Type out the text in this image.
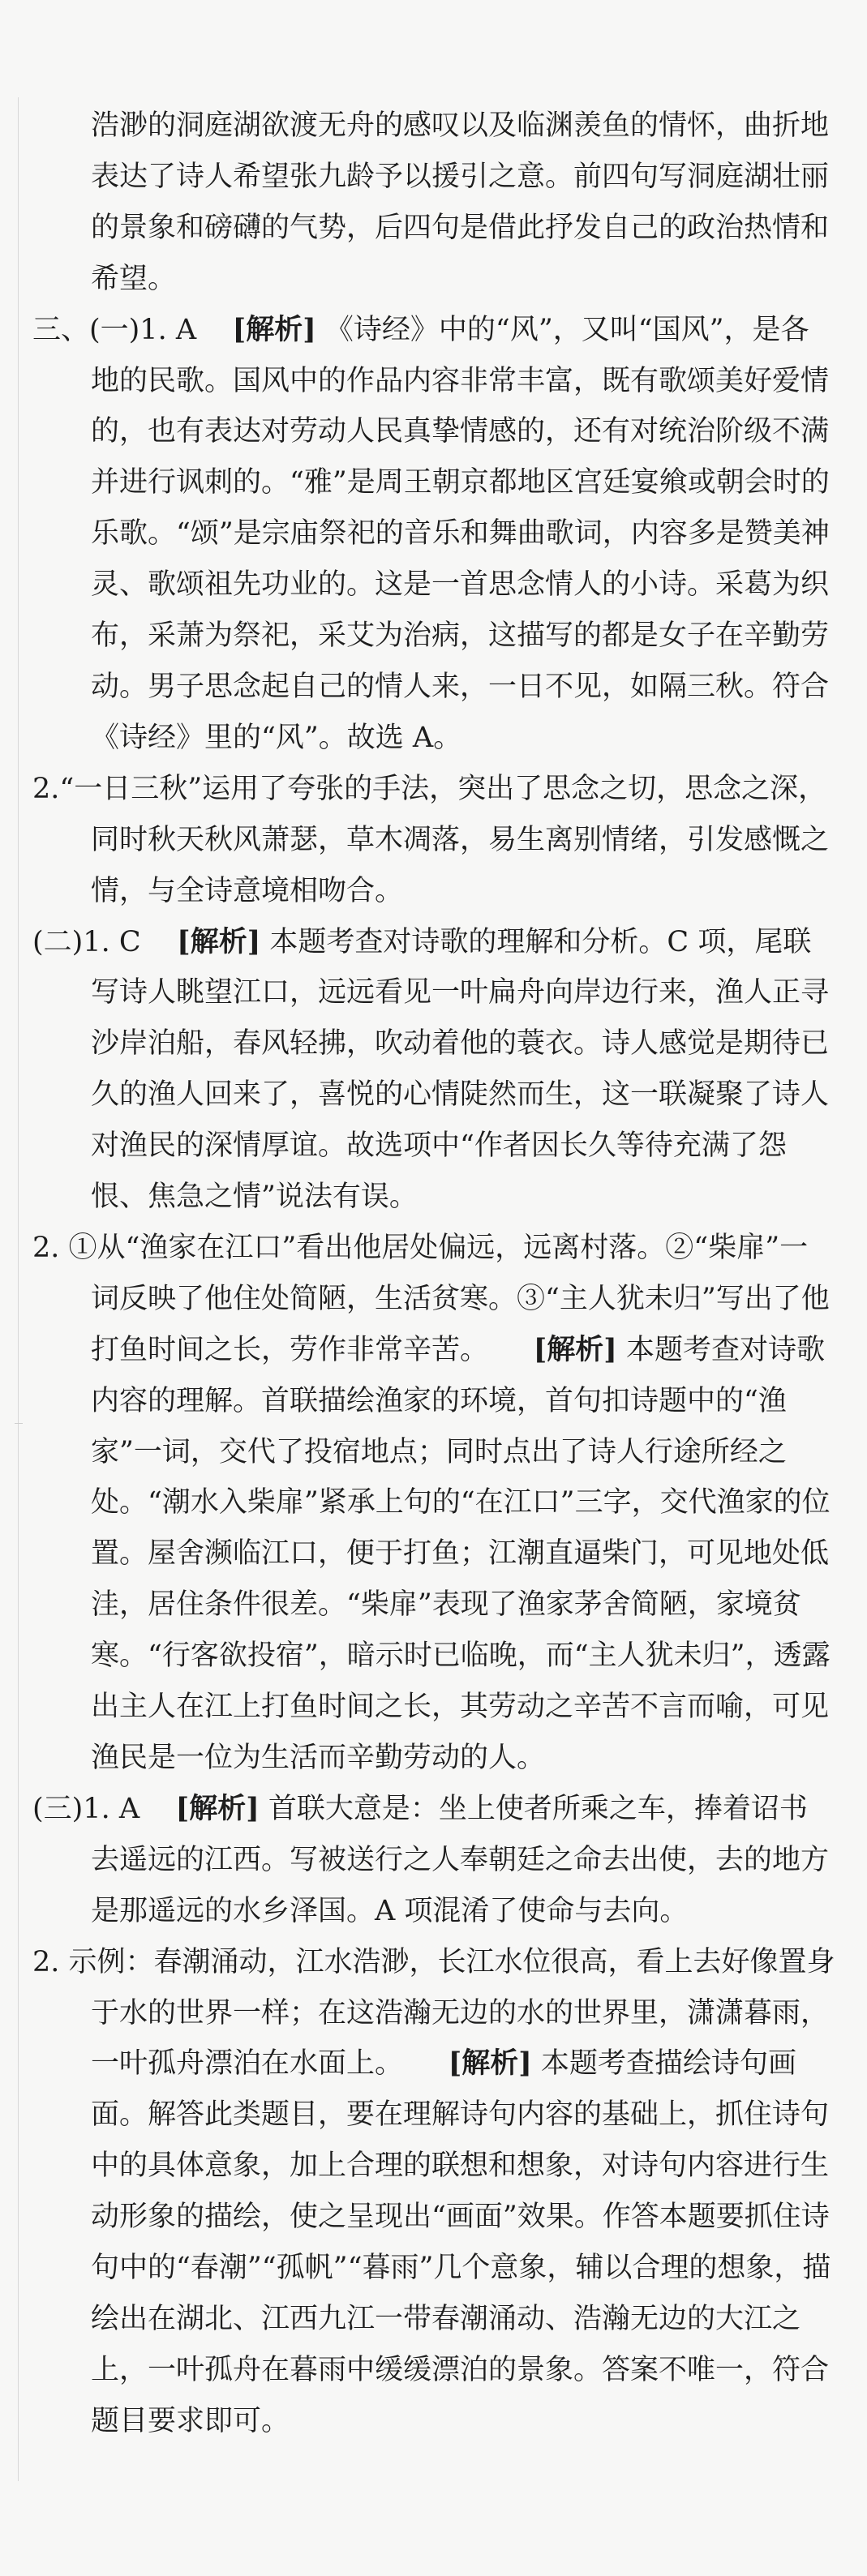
浩渺的洞庭湖欲渡无舟的感叹以及临渊羡鱼的情怀，曲折地表达了诗人希望张九龄予以援引之意。前四句写洞庭湖壮丽的景象和磅礴的气势，后四句是借此抒发自己的政治热情和希望。
三、(一)1. A [解析] 《诗经》中的“风”，又叫“国风”，是各地的民歌。国风中的作品内容非常丰富，既有歌颂美好爱情的，也有表达对劳动人民真挚情感的，还有对统治阶级不满并进行讽刺的。“雅”是周王朝京都地区宫廷宴飨或朝会时的乐歌。“颂”是宗庙祭祀的音乐和舞曲歌词，内容多是赞美神灵、歌颂祖先功业的。这是一首思念情人的小诗。采葛为织布，采萧为祭祀，采艾为治病，这描写的都是女子在辛勤劳动。男子思念起自己的情人来，一日不见，如隔三秋。符合《诗经》里的“风”。故选 A。
2.“一日三秋”运用了夸张的手法，突出了思念之切，思念之深，同时秋天秋风萧瑟，草木凋落，易生离别情绪，引发感慨之情，与全诗意境相吻合。
(二)1. C [解析] 本题考查对诗歌的理解和分析。C 项，尾联写诗人眺望江口，远远看见一叶扁舟向岸边行来，渔人正寻沙岸泊船，春风轻拂，吹动着他的蓑衣。诗人感觉是期待已久的渔人回来了，喜悦的心情陡然而生，这一联凝聚了诗人对渔民的深情厚谊。故选项中“作者因长久等待充满了怨恨、焦急之情”说法有误。
2. ①从“渔家在江口”看出他居处偏远，远离村落。②“柴扉”一词反映了他住处简陋，生活贫寒。③“主人犹未归”写出了他打鱼时间之长，劳作非常辛苦。 [解析] 本题考查对诗歌内容的理解。首联描绘渔家的环境，首句扣诗题中的“渔家”一词，交代了投宿地点；同时点出了诗人行途所经之处。“潮水入柴扉”紧承上句的“在江口”三字，交代渔家的位置。屋舍濒临江口，便于打鱼；江潮直逼柴门，可见地处低洼，居住条件很差。“柴扉”表现了渔家茅舍简陋，家境贫寒。“行客欲投宿”，暗示时已临晚，而“主人犹未归”，透露出主人在江上打鱼时间之长，其劳动之辛苦不言而喻，可见渔民是一位为生活而辛勤劳动的人。
(三)1. A [解析] 首联大意是：坐上使者所乘之车，捧着诏书去遥远的江西。写被送行之人奉朝廷之命去出使，去的地方是那遥远的水乡泽国。A 项混淆了使命与去向。
2. 示例：春潮涌动，江水浩渺，长江水位很高，看上去好像置身于水的世界一样；在这浩瀚无边的水的世界里，潇潇暮雨，一叶孤舟漂泊在水面上。 [解析] 本题考查描绘诗句画面。解答此类题目，要在理解诗句内容的基础上，抓住诗句中的具体意象，加上合理的联想和想象，对诗句内容进行生动形象的描绘，使之呈现出“画面”效果。作答本题要抓住诗句中的“春潮”“孤帆”“暮雨”几个意象，辅以合理的想象，描绘出在湖北、江西九江一带春潮涌动、浩瀚无边的大江之上，一叶孤舟在暮雨中缓缓漂泊的景象。答案不唯一，符合题目要求即可。
